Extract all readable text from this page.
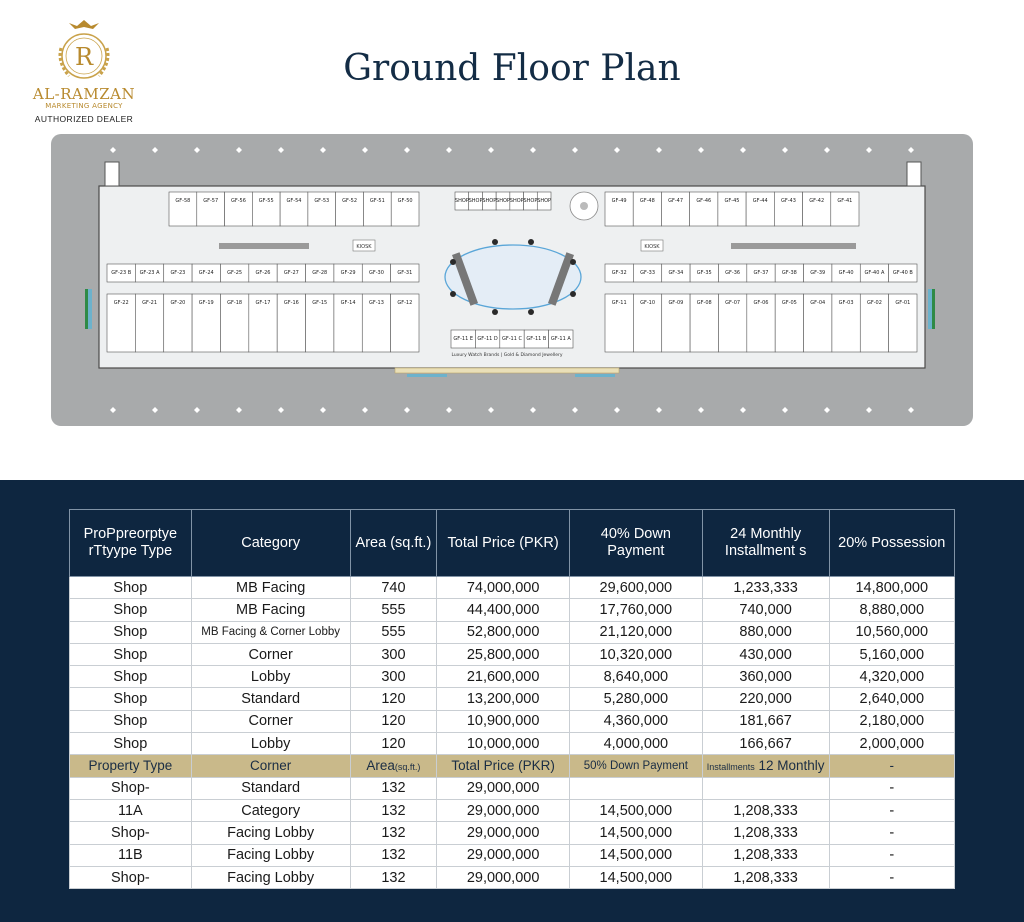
R
AL-RAMZAN
MARKETING AGENCY
AUTHORIZED DEALER
Ground Floor Plan
GF-58	GF-57	GF-56	GF-55	GF-54	GF-53	GF-52	GF-51	GF-50	GF-49	GF-48	GF-47	GF-46	GF-45	GF-44	GF-43	GF-42	GF-41
GF-23 B GF-23 A GF-23	GF-24	GF-25	GF-26	GF-27	GF-28	GF-29	GF-30	GF-31	GF-32	GF-33	GF-34	GF-35	GF-36	GF-37	GF-38	GF-39	GF-40 GF-40 A GF-40 B
GF-22	GF-21	GF-20	GF-19	GF-18	GF-17	GF-16	GF-15	GF-14	GF-13	GF-12	GF-11	GF-10	GF-09	GF-08	GF-07	GF-06	GF-05	GF-04	GF-03	GF-02	GF-01
SHOP SHOP SHOP SHOP SHOP SHOP SHOP
GF-11 E GF-11 D GF-11 C GF-11 B GF-11 A
KIOSK	KIOSK
Luxury Watch Brands | Gold & Diamond Jewellery
ProPpreorptye rTtyype Type	Category	Area (sq.ft.)	Total Price (PKR)	40% Down Payment	24 Monthly Installment s	20% Possession
Shop	MB Facing	740	74,000,000	29,600,000	1,233,333	14,800,000
Shop	MB Facing	555	44,400,000	17,760,000	740,000	8,880,000
Shop	MB Facing & Corner Lobby	555	52,800,000	21,120,000	880,000	10,560,000
Shop	Corner	300	25,800,000	10,320,000	430,000	5,160,000
Shop	Lobby	300	21,600,000	8,640,000	360,000	4,320,000
Shop	Standard	120	13,200,000	5,280,000	220,000	2,640,000
Shop	Corner	120	10,900,000	4,360,000	181,667	2,180,000
Shop	Lobby	120	10,000,000	4,000,000	166,667	2,000,000
Property Type	Corner	Area(sq.ft.)	Total Price (PKR)	50% Down Payment	Installments 12 Monthly	-
Shop-	Standard	132	29,000,000			-
11A	Category	132	29,000,000	14,500,000	1,208,333	-
Shop-	Facing Lobby	132	29,000,000	14,500,000	1,208,333	-
11B	Facing Lobby	132	29,000,000	14,500,000	1,208,333	-
Shop-	Facing Lobby	132	29,000,000	14,500,000	1,208,333	-
